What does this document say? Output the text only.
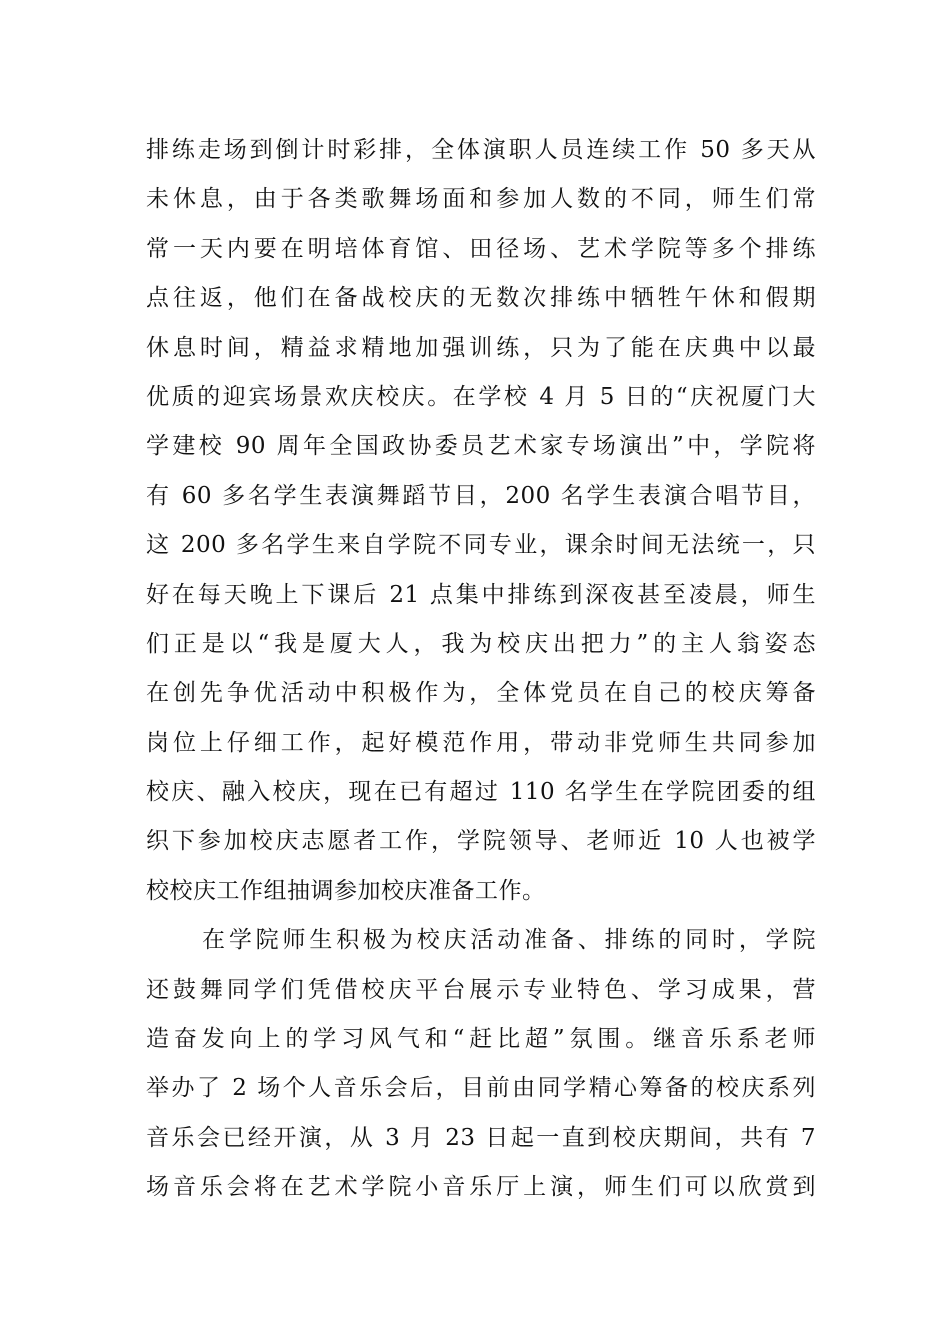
排练走场到倒计时彩排，全体演职人员连续工作 50 多天从
未休息，由于各类歌舞场面和参加人数的不同，师生们常
常一天内要在明培体育馆、田径场、艺术学院等多个排练
点往返，他们在备战校庆的无数次排练中牺牲午休和假期
休息时间，精益求精地加强训练，只为了能在庆典中以最
优质的迎宾场景欢庆校庆。在学校 4 月 5 日的“庆祝厦门大
学建校 90 周年全国政协委员艺术家专场演出”中，学院将
有 60 多名学生表演舞蹈节目，200 名学生表演合唱节目，
这 200 多名学生来自学院不同专业，课余时间无法统一，只
好在每天晚上下课后 21 点集中排练到深夜甚至凌晨，师生
们正是以“我是厦大人，我为校庆出把力”的主人翁姿态
在创先争优活动中积极作为，全体党员在自己的校庆筹备
岗位上仔细工作，起好模范作用，带动非党师生共同参加
校庆、融入校庆，现在已有超过 110 名学生在学院团委的组
织下参加校庆志愿者工作，学院领导、老师近 10 人也被学
校校庆工作组抽调参加校庆准备工作。
在学院师生积极为校庆活动准备、排练的同时，学院
还鼓舞同学们凭借校庆平台展示专业特色、学习成果，营
造奋发向上的学习风气和“赶比超”氛围。继音乐系老师
举办了 2 场个人音乐会后，目前由同学精心筹备的校庆系列
音乐会已经开演，从 3 月 23 日起一直到校庆期间，共有 7
场音乐会将在艺术学院小音乐厅上演，师生们可以欣赏到
